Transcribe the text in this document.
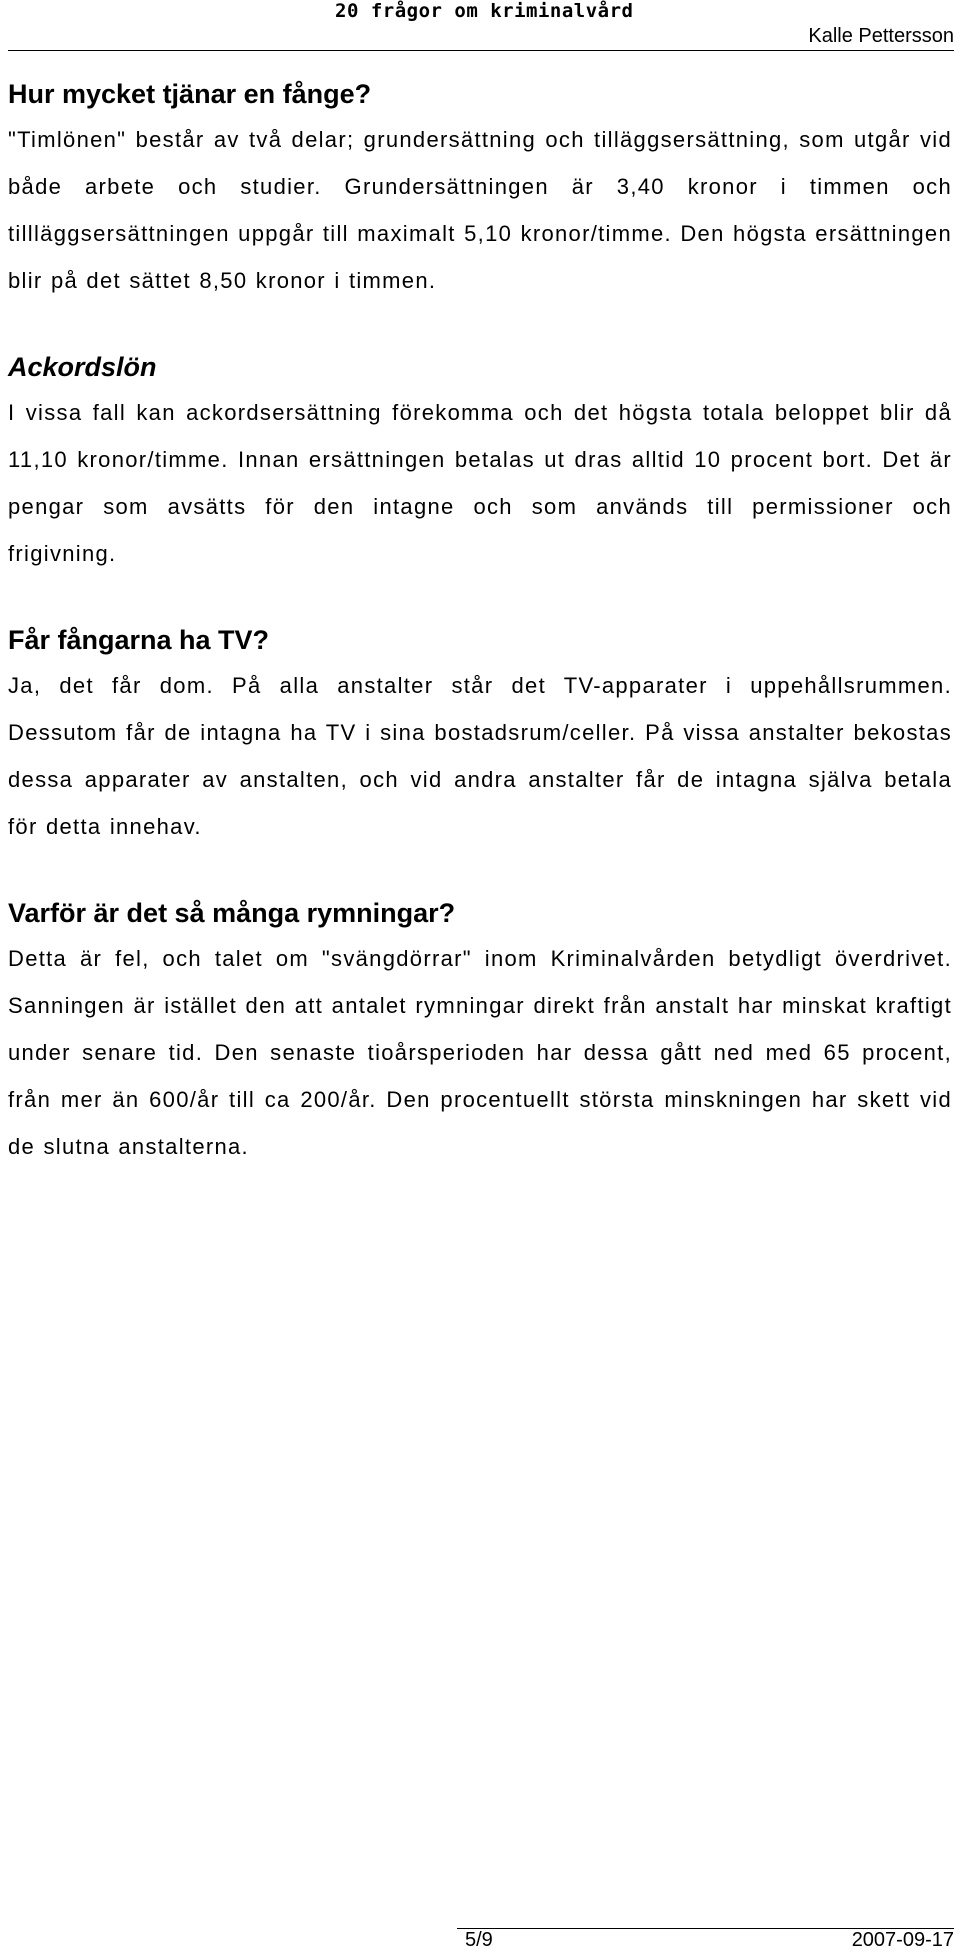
20 frågor om kriminalvård
Kalle Pettersson
Hur mycket tjänar en fånge?

"Timlönen" består av två delar; grundersättning och tilläggsersättning, som utgår vid både arbete och studier. Grundersättningen är 3,40 kronor i timmen och tillläggsersättningen uppgår till maximalt 5,10 kronor/timme. Den högsta ersättningen blir på det sättet 8,50 kronor i timmen.

Ackordslön

I vissa fall kan ackordsersättning förekomma och det högsta totala beloppet blir då 11,10 kronor/timme. Innan ersättningen betalas ut dras alltid 10 procent bort. Det är pengar som avsätts för den intagne och som används till permissioner och frigivning.

Får fångarna ha TV?

Ja, det får dom. På alla anstalter står det TV-apparater i uppehållsrummen. Dessutom får de intagna ha TV i sina bostadsrum/celler. På vissa anstalter bekostas dessa apparater av anstalten, och vid andra anstalter får de intagna själva betala för detta innehav.

Varför är det så många rymningar?

Detta är fel, och talet om "svängdörrar" inom Kriminalvården betydligt överdrivet. Sanningen är istället den att antalet rymningar direkt från anstalt har minskat kraftigt under senare tid. Den senaste tioårsperioden har dessa gått ned med 65 procent, från mer än 600/år till ca 200/år. Den procentuellt största minskningen har skett vid de slutna anstalterna.

5/9	2007-09-17
